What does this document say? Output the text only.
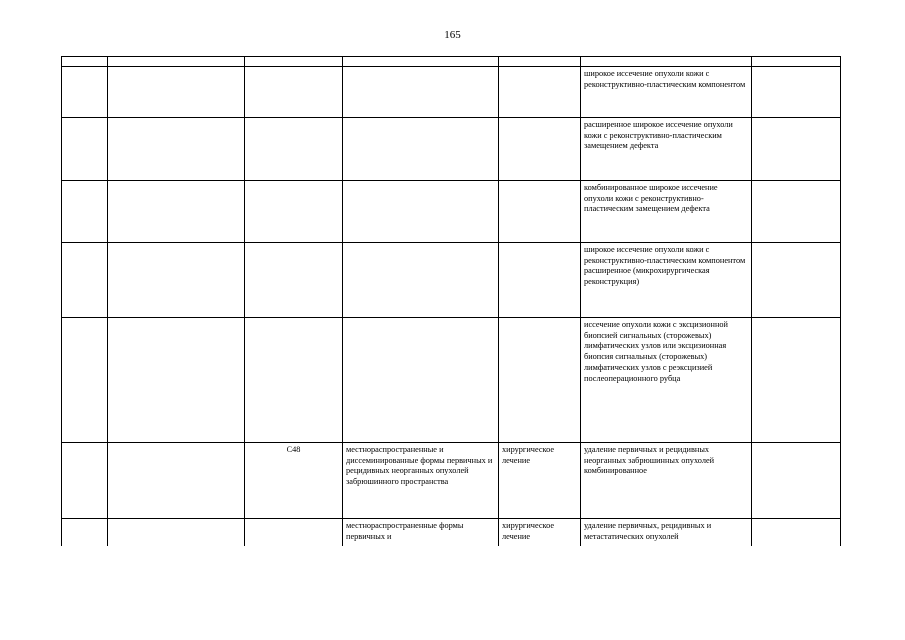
165

					широкое иссечение опухоли кожи с реконструктивно-пластическим компонентом	
					расширенное широкое иссечение опухоли кожи с реконструктивно-пластическим замещением дефекта	
					комбинированное широкое иссечение опухоли кожи с реконструктивно-пластическим замещением дефекта	
					широкое иссечение опухоли кожи с реконструктивно-пластическим компонентом расширенное (микрохирургическая реконструкция)	
					иссечение опухоли кожи с эксцизионной биопсией сигнальных (сторожевых) лимфатических узлов или эксцизионная биопсия сигнальных (сторожевых) лимфатических узлов с реэксцизией послеоперационного рубца	
		C48	местнораспространенные и диссеминированные формы первичных и рецидивных неорганных опухолей забрюшинного пространства	хирургическое лечение	удаление первичных и рецидивных неорганных забрюшинных опухолей комбинированное	
			местнораспространенные формы первичных и	хирургическое лечение	удаление первичных, рецидивных и метастатических опухолей	
